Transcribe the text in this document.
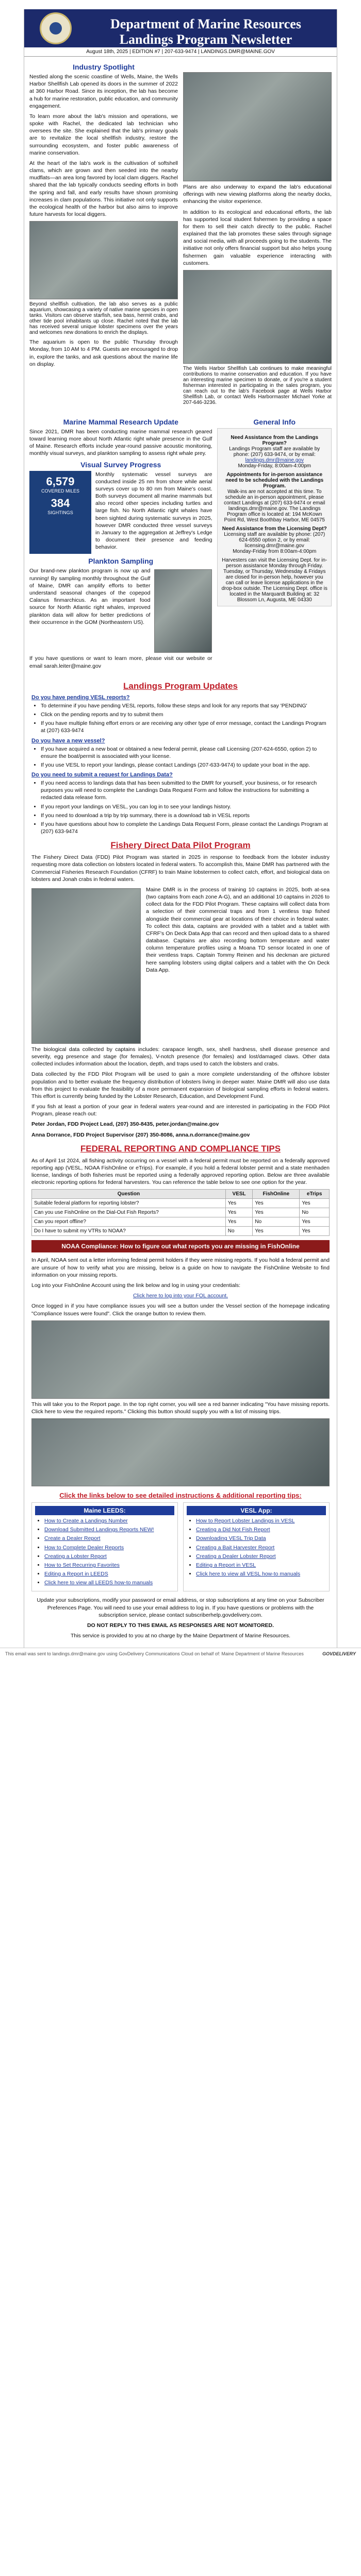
Department of Marine Resources
Landings Program Newsletter
August 18th, 2025 | EDITION #7 | 207-633-9474 | LANDINGS.DMR@MAINE.GOV
Industry Spotlight

Nestled along the scenic coastline of Wells, Maine, the Wells Harbor Shellfish Lab opened its doors in the summer of 2022 at 360 Harbor Road. Since its inception, the lab has become a hub for marine restoration, public education, and community engagement.

To learn more about the lab's mission and operations, we spoke with Rachel, the dedicated lab technician who oversees the site. She explained that the lab's primary goals are to revitalize the local shellfish industry, restore the surrounding ecosystem, and foster public awareness of marine conservation.

At the heart of the lab's work is the cultivation of softshell clams, which are grown and then seeded into the nearby mudflats—an area long favored by local clam diggers. Rachel shared that the lab typically conducts seeding efforts in both the spring and fall, and early results have shown promising increases in clam populations. This initiative not only supports the ecological health of the harbor but also aims to improve future harvests for local diggers.

Beyond shellfish cultivation, the lab also serves as a public aquarium, showcasing a variety of native marine species in open tanks. Visitors can observe starfish, sea bass, hermit crabs, and other tide pool inhabitants up close. Rachel noted that the lab has received several unique lobster specimens over the years and welcomes new donations to enrich the displays.

The aquarium is open to the public Thursday through Monday, from 10 AM to 4 PM. Guests are encouraged to drop in, explore the tanks, and ask questions about the marine life on display.

Plans are also underway to expand the lab's educational offerings with new viewing platforms along the nearby docks, enhancing the visitor experience.

In addition to its ecological and educational efforts, the lab has supported local student fishermen by providing a space for them to sell their catch directly to the public. Rachel explained that the lab promotes these sales through signage and social media, with all proceeds going to the students. The initiative not only offers financial support but also helps young fishermen gain valuable experience interacting with customers.

The Wells Harbor Shellfish Lab continues to make meaningful contributions to marine conservation and education. If you have an interesting marine specimen to donate, or if you're a student fisherman interested in participating in the sales program, you can reach out to the lab's Facebook page at Wells Harbor Shellfish Lab, or contact Wells Harbormaster Michael Yorke at 207-646-3236.
Marine Mammal Research Update

Since 2021, DMR has been conducting marine mammal research geared toward learning more about North Atlantic right whale presence in the Gulf of Maine. Research efforts include year-round passive acoustic monitoring, monthly visual surveys, and plankton sampling to assess right whale prey.

Visual Survey Progress
6,579
COVERED MILES
384
SIGHTINGS

Monthly systematic vessel surveys are conducted inside 25 nm from shore while aerial surveys cover up to 80 nm from Maine's coast. Both surveys document all marine mammals but also record other species including turtles and large fish. No North Atlantic right whales have been sighted during systematic surveys in 2025, however DMR conducted three vessel surveys in January to the aggregation at Jeffrey's Ledge to document their presence and feeding behavior.

Plankton Sampling

Our brand-new plankton program is now up and running! By sampling monthly throughout the Gulf of Maine, DMR can amplify efforts to better understand seasonal changes of the copepod Calanus finmarchicus. As an important food source for North Atlantic right whales, improved plankton data will allow for better predictions of their occurrence in the GOM (Northeastern US).

If you have questions or want to learn more, please visit our website or email sarah.leiter@maine.gov

General Info
Need Assistance from the Landings Program?
Landings Program staff are available by phone: (207) 633-9474, or by email:
landings.dmr@maine.gov
Monday-Friday, 8:00am-4:00pm
Appointments for in-person assistance need to be scheduled with the Landings Program.
Walk-ins are not accepted at this time. To schedule an in-person appointment, please contact Landings at (207) 633-9474 or email landings.dmr@maine.gov. The Landings Program office is located at: 194 McKown Point Rd, West Boothbay Harbor, ME 04575
Need Assistance from the Licensing Dept?
Licensing staff are available by phone: (207) 624-6550 option 2, or by email: licensing.dmr@maine.gov
Monday-Friday from 8:00am-4:00pm
Harvesters can visit the Licensing Dept. for in-person assistance Monday through Friday. Tuesday, or Thursday, Wednesday & Fridays are closed for in-person help, however you can call or leave license applications in the drop-box outside. The Licensing Dept. office is located in the Marquardt Building at: 32 Blossom Ln, Augusta, ME 04330
Landings Program Updates
Do you have pending VESL reports?
• To determine if you have pending VESL reports, follow these steps and look for any reports that say 'PENDING'
• Click on the pending reports and try to submit them
• If you have multiple fishing effort errors or are receiving any other type of error message, contact the Landings Program at (207) 633-9474
Do you have a new vessel?
• If you have acquired a new boat or obtained a new federal permit, please call Licensing (207-624-6550, option 2) to ensure the boat/permit is associated with your license.
• If you use VESL to report your landings, please contact Landings (207-633-9474) to update your boat in the app.
Do you need to submit a request for Landings Data?
• If you need access to landings data that has been submitted to the DMR for yourself, your business, or for research purposes you will need to complete the Landings Data Request Form and follow the instructions for submitting a redacted data release form.
• If you report your landings on VESL, you can log in to see your landings history.
• If you need to download a trip by trip summary, there is a download tab in VESL reports
• If you have questions about how to complete the Landings Data Request Form, please contact the Landings Program at (207) 633-9474
Fishery Direct Data Pilot Program

The Fishery Direct Data (FDD) Pilot Program was started in 2025 in response to feedback from the lobster industry requesting more data collection on lobsters located in federal waters. To accomplish this, Maine DMR has partnered with the Commercial Fisheries Research Foundation (CFRF) to train Maine lobstermen to collect catch, effort, and biological data on lobsters and Jonah crabs in federal waters.

Maine DMR is in the process of training 10 captains in 2025, both at-sea (two captains from each zone A-G), and an additional 10 captains in 2026 to collect data for the FDD Pilot Program. These captains will collect data from a selection of their commercial traps and from 1 ventless trap fished alongside their commercial gear at locations of their choice in federal water. To collect this data, captains are provided with a tablet and a tablet with CFRF's On Deck Data App that can record and then upload data to a shared database. Captains are also recording bottom temperature and water column temperature profiles using a Moana TD sensor located in one of their ventless traps. Captain Tommy Reinen and his deckman are pictured here sampling lobsters using digital calipers and a tablet with the On Deck Data App.

The biological data collected by captains includes: carapace length, sex, shell hardness, shell disease presence and severity, egg presence and stage (for females), V-notch presence (for females) and lost/damaged claws. Other data collected includes information about the location, depth, and traps used to catch the lobsters and crabs.

Data collected by the FDD Pilot Program will be used to gain a more complete understanding of the offshore lobster population and to better evaluate the frequency distribution of lobsters living in deeper water. Maine DMR will also use data from this project to evaluate the feasibility of a more permanent expansion of biological sampling efforts in federal waters. This effort is currently being funded by the Lobster Research, Education, and Development Fund.

If you fish at least a portion of your gear in federal waters year-round and are interested in participating in the FDD Pilot Program, please reach out:

Peter Jordan, FDD Project Lead, (207) 350-8435, peter.jordan@maine.gov

Anna Dorrance, FDD Project Supervisor (207) 350-8086, anna.n.dorrance@maine.gov

FEDERAL REPORTING AND COMPLIANCE TIPS

As of April 1st 2024, all fishing activity occurring on a vessel with a federal permit must be reported on a federally approved reporting app (VESL, NOAA FishOnline or eTrips). For example, if you hold a federal lobster permit and a state menhaden license, landings of both fisheries must be reported using a federally approved reporting option. Below are three available electronic reporting options for federal harvesters. You can reference the table below to see one option for the year.

Question	VESL	FishOnline	eTrips
Suitable federal platform for reporting lobster?	Yes	Yes	Yes
Can you use FishOnline on the Dial-Out Fish Reports?	Yes	Yes	No
Can you report offline?	Yes	No	Yes
Do I have to submit my VTRs to NOAA?	No	Yes	Yes
NOAA Compliance: How to figure out what reports you are missing in FishOnline

In April, NOAA sent out a letter informing federal permit holders if they were missing reports. If you hold a federal permit and are unsure of how to verify what you are missing, below is a guide on how to navigate the FishOnline Website to find information on your missing reports.

Log into your FishOnline Account using the link below and log in using your credentials:

Click here to log into your FOL account.

Once logged in if you have compliance issues you will see a button under the Vessel section of the homepage indicating "Compliance Issues were found". Click the orange button to review them.

This will take you to the Report page. In the top right corner, you will see a red banner indicating "You have missing reports. Click here to view the required reports." Clicking this button should supply you with a list of missing trips.

Click the links below to see detailed instructions & additional reporting tips:
Maine LEEDS:
• How to Create a Landings Number
• Download Submitted Landings Reports NEW!
• Create a Dealer Report
• How to Complete Dealer Reports
• Creating a Lobster Report
• How to Set Recurring Favorites
• Editing a Report in LEEDS
• Click here to view all LEEDS how-to manuals
VESL App:
• How to Report Lobster Landings in VESL
• Creating a Did Not Fish Report
• Downloading VESL Trip Data
• Creating a Bait Harvester Report
• Creating a Dealer Lobster Report
• Editing a Report in VESL
• Click here to view all VESL how-to manuals

Update your subscriptions, modify your password or email address, or stop subscriptions at any time on your Subscriber Preferences Page. You will need to use your email address to log in. If you have questions or problems with the subscription service, please contact subscriberhelp.govdelivery.com.

DO NOT REPLY TO THIS EMAIL AS RESPONSES ARE NOT MONITORED.

This service is provided to you at no charge by the Maine Department of Marine Resources.

This email was sent to landings.dmr@maine.gov using GovDelivery Communications Cloud on behalf of: Maine Department of Marine Resources	GOVDELIVERY
